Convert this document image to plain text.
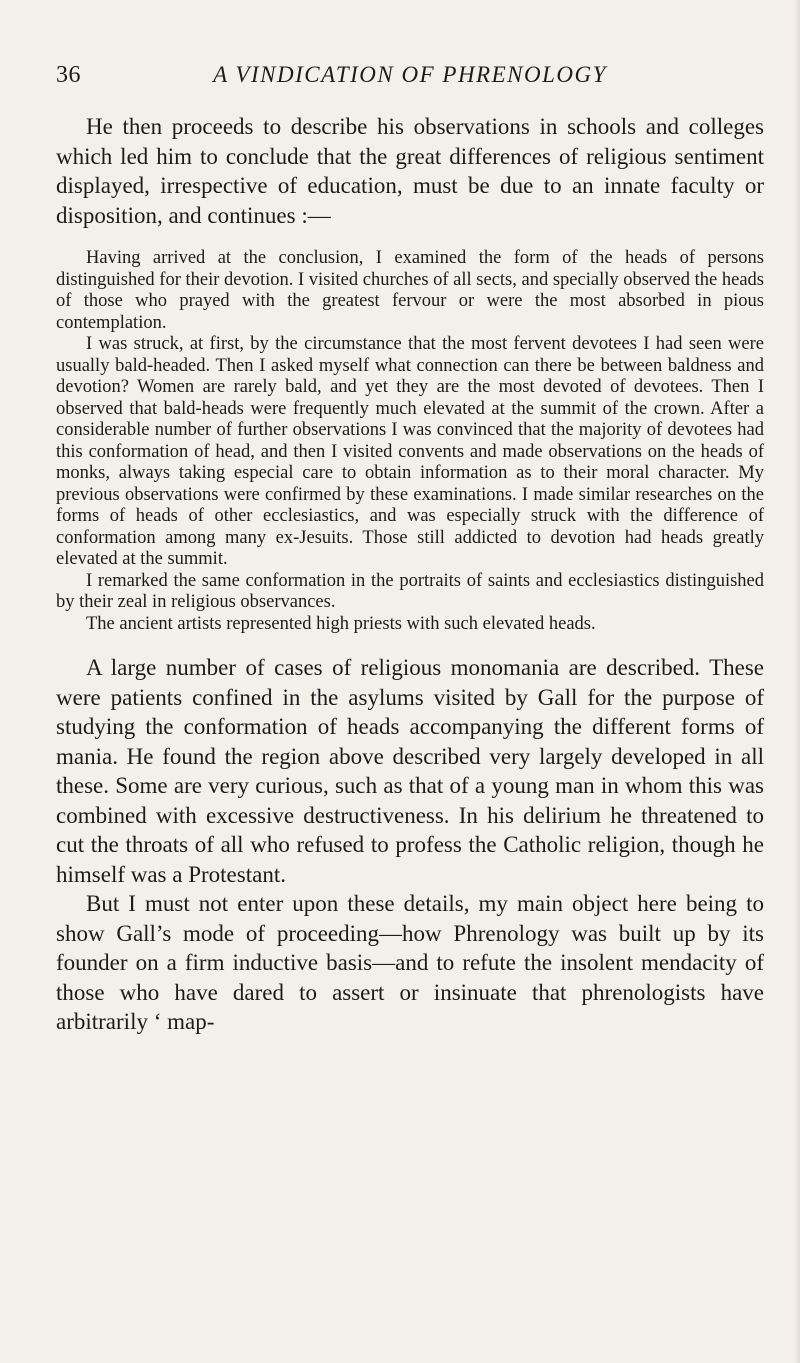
36	A VINDICATION OF PHRENOLOGY

He then proceeds to describe his observations in schools and colleges which led him to conclude that the great differences of religious sentiment displayed, irrespective of education, must be due to an innate faculty or disposition, and continues :—

Having arrived at the conclusion, I examined the form of the heads of persons distinguished for their devotion. I visited churches of all sects, and specially observed the heads of those who prayed with the greatest fervour or were the most absorbed in pious contemplation.

I was struck, at first, by the circumstance that the most fervent devotees I had seen were usually bald-headed. Then I asked myself what connection can there be between baldness and devotion? Women are rarely bald, and yet they are the most devoted of devotees. Then I observed that bald-heads were frequently much elevated at the summit of the crown. After a considerable number of further observations I was convinced that the majority of devotees had this conformation of head, and then I visited convents and made observations on the heads of monks, always taking especial care to obtain information as to their moral character. My previous observations were confirmed by these examinations. I made similar researches on the forms of heads of other ecclesiastics, and was especially struck with the difference of conformation among many ex-Jesuits. Those still addicted to devotion had heads greatly elevated at the summit.

I remarked the same conformation in the portraits of saints and ecclesiastics distinguished by their zeal in religious observances.

The ancient artists represented high priests with such elevated heads.

A large number of cases of religious monomania are described. These were patients confined in the asylums visited by Gall for the purpose of studying the conformation of heads accompanying the different forms of mania. He found the region above described very largely developed in all these. Some are very curious, such as that of a young man in whom this was combined with excessive destructiveness. In his delirium he threatened to cut the throats of all who refused to profess the Catholic religion, though he himself was a Protestant.

But I must not enter upon these details, my main object here being to show Gall’s mode of proceeding—how Phrenology was built up by its founder on a firm inductive basis—and to refute the insolent mendacity of those who have dared to assert or insinuate that phrenologists have arbitrarily ‘ map-
